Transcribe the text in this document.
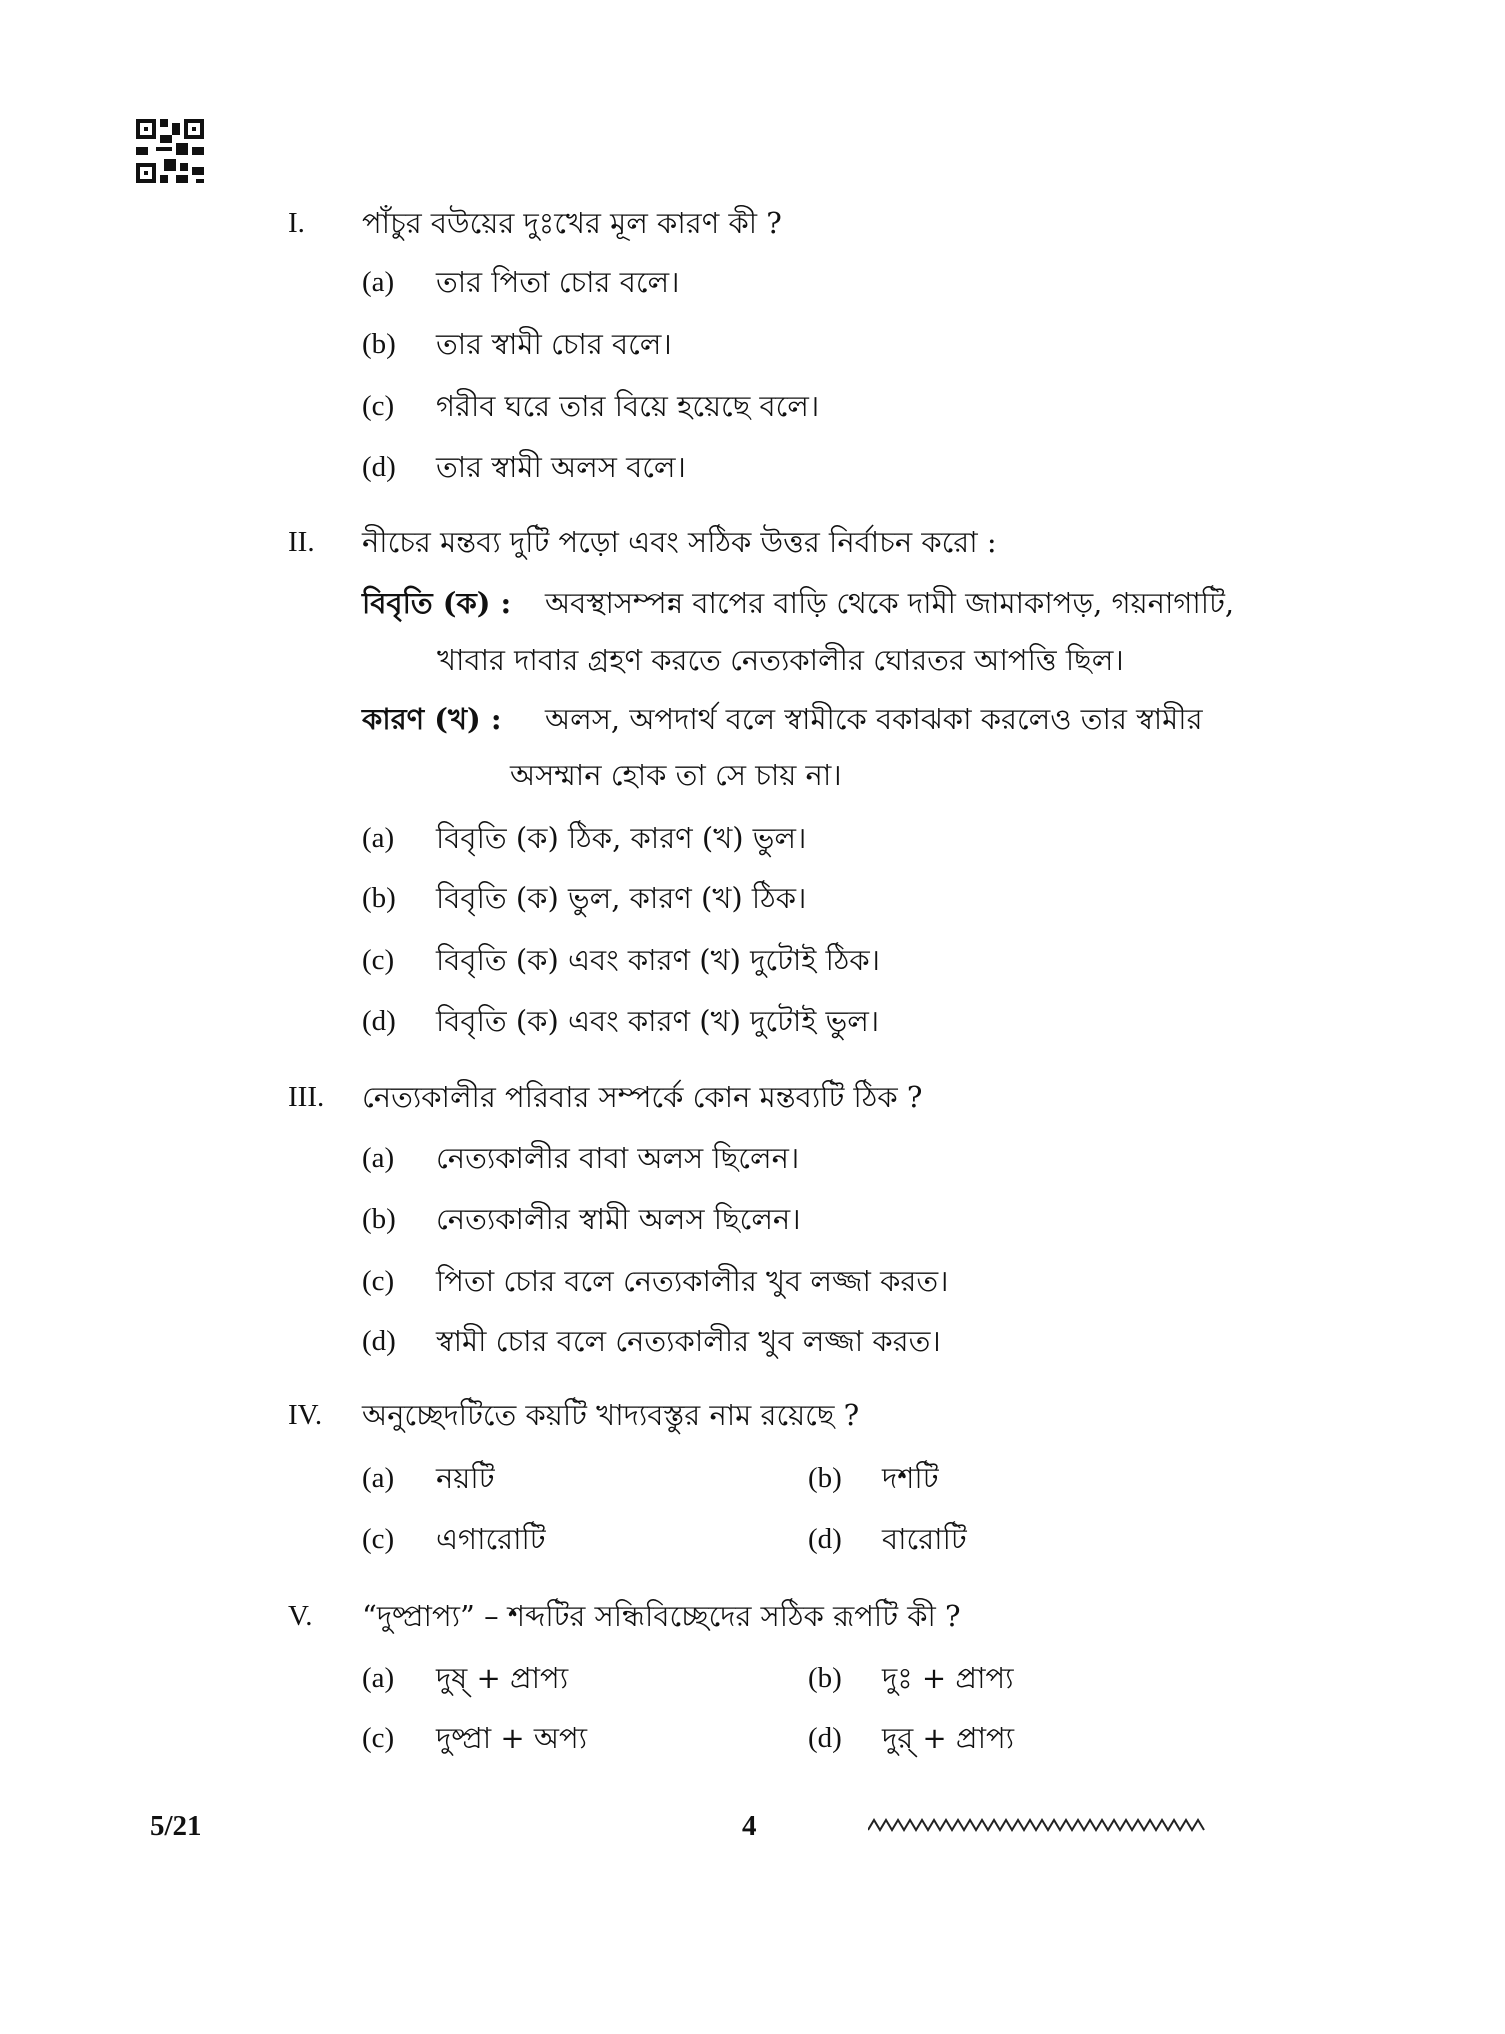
I. পাঁচুর বউয়ের দুঃখের মূল কারণ কী ?
(a) তার পিতা চোর বলে।
(b) তার স্বামী চোর বলে।
(c) গরীব ঘরে তার বিয়ে হয়েছে বলে।
(d) তার স্বামী অলস বলে।
II. নীচের মন্তব্য দুটি পড়ো এবং সঠিক উত্তর নির্বাচন করো :
বিবৃতি (ক) : অবস্থাসম্পন্ন বাপের বাড়ি থেকে দামী জামাকাপড়, গয়নাগাটি,
খাবার দাবার গ্রহণ করতে নেত্যকালীর ঘোরতর আপত্তি ছিল।
কারণ (খ) : অলস, অপদার্থ বলে স্বামীকে বকাঝকা করলেও তার স্বামীর
অসম্মান হোক তা সে চায় না।
(a) বিবৃতি (ক) ঠিক, কারণ (খ) ভুল।
(b) বিবৃতি (ক) ভুল, কারণ (খ) ঠিক।
(c) বিবৃতি (ক) এবং কারণ (খ) দুটোই ঠিক।
(d) বিবৃতি (ক) এবং কারণ (খ) দুটোই ভুল।
III. নেত্যকালীর পরিবার সম্পর্কে কোন মন্তব্যটি ঠিক ?
(a) নেত্যকালীর বাবা অলস ছিলেন।
(b) নেত্যকালীর স্বামী অলস ছিলেন।
(c) পিতা চোর বলে নেত্যকালীর খুব লজ্জা করত।
(d) স্বামী চোর বলে নেত্যকালীর খুব লজ্জা করত।
IV. অনুচ্ছেদটিতে কয়টি খাদ্যবস্তুর নাম রয়েছে ?
(a) নয়টি	(b) দশটি
(c) এগারোটি	(d) বারোটি
V. “দুষ্প্রাপ্য” – শব্দটির সন্ধিবিচ্ছেদের সঠিক রূপটি কী ?
(a) দুষ্ + প্রাপ্য	(b) দুঃ + প্রাপ্য
(c) দুষ্প্রা + অপ্য	(d) দুর্ + প্রাপ্য
5/21	4
